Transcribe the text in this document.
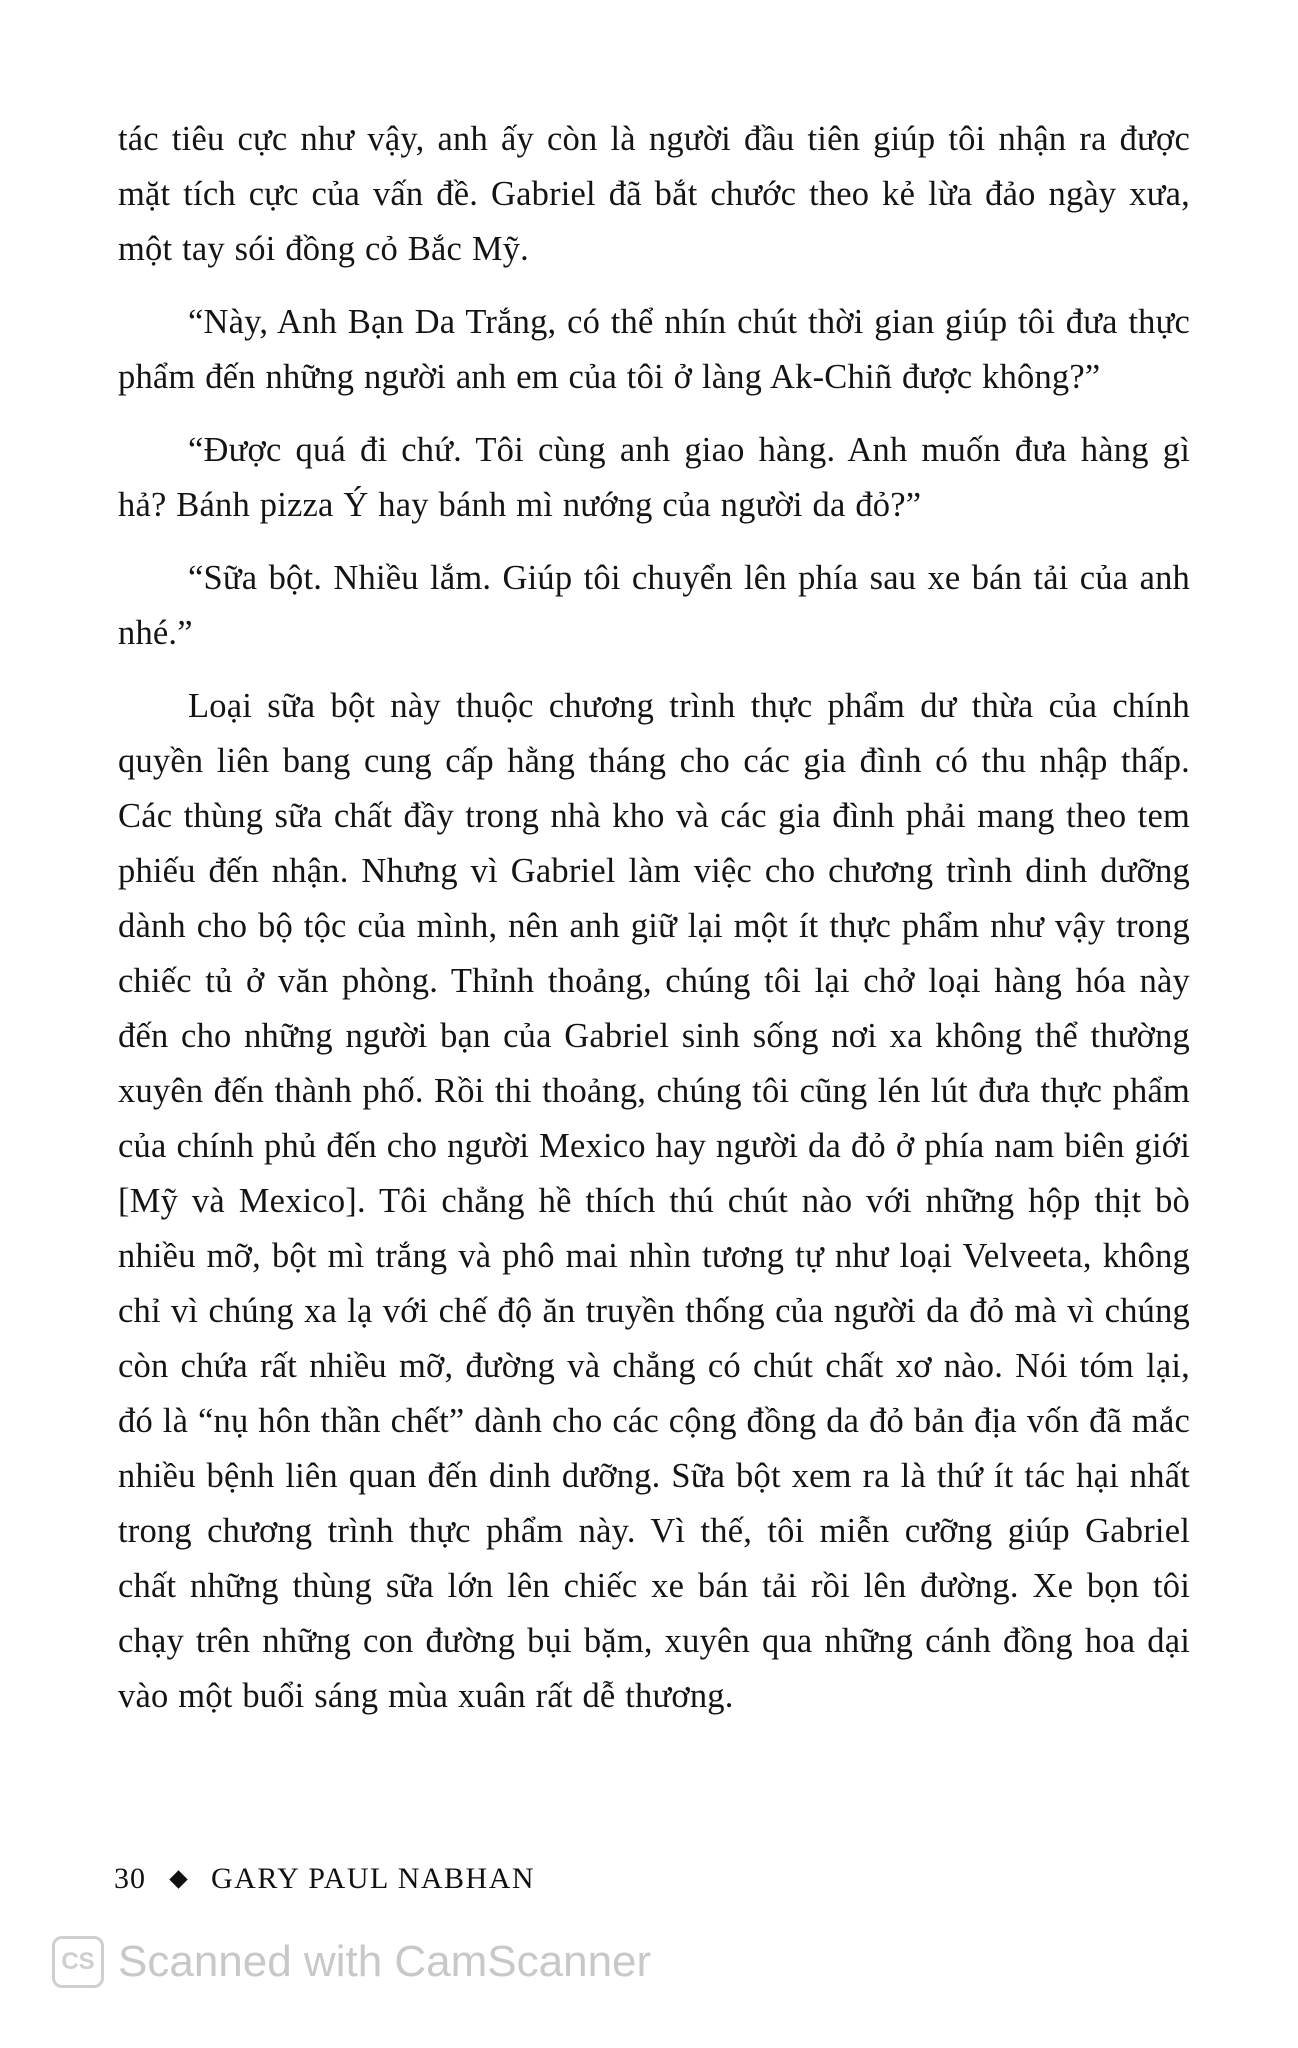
tác tiêu cực như vậy, anh ấy còn là người đầu tiên giúp tôi nhận ra được mặt tích cực của vấn đề. Gabriel đã bắt chước theo kẻ lừa đảo ngày xưa, một tay sói đồng cỏ Bắc Mỹ.

“Này, Anh Bạn Da Trắng, có thể nhín chút thời gian giúp tôi đưa thực phẩm đến những người anh em của tôi ở làng Ak-Chiñ được không?”

“Được quá đi chứ. Tôi cùng anh giao hàng. Anh muốn đưa hàng gì hả? Bánh pizza Ý hay bánh mì nướng của người da đỏ?”

“Sữa bột. Nhiều lắm. Giúp tôi chuyển lên phía sau xe bán tải của anh nhé.”

Loại sữa bột này thuộc chương trình thực phẩm dư thừa của chính quyền liên bang cung cấp hằng tháng cho các gia đình có thu nhập thấp. Các thùng sữa chất đầy trong nhà kho và các gia đình phải mang theo tem phiếu đến nhận. Nhưng vì Gabriel làm việc cho chương trình dinh dưỡng dành cho bộ tộc của mình, nên anh giữ lại một ít thực phẩm như vậy trong chiếc tủ ở văn phòng. Thỉnh thoảng, chúng tôi lại chở loại hàng hóa này đến cho những người bạn của Gabriel sinh sống nơi xa không thể thường xuyên đến thành phố. Rồi thi thoảng, chúng tôi cũng lén lút đưa thực phẩm của chính phủ đến cho người Mexico hay người da đỏ ở phía nam biên giới [Mỹ và Mexico]. Tôi chẳng hề thích thú chút nào với những hộp thịt bò nhiều mỡ, bột mì trắng và phô mai nhìn tương tự như loại Velveeta, không chỉ vì chúng xa lạ với chế độ ăn truyền thống của người da đỏ mà vì chúng còn chứa rất nhiều mỡ, đường và chẳng có chút chất xơ nào. Nói tóm lại, đó là “nụ hôn thần chết” dành cho các cộng đồng da đỏ bản địa vốn đã mắc nhiều bệnh liên quan đến dinh dưỡng. Sữa bột xem ra là thứ ít tác hại nhất trong chương trình thực phẩm này. Vì thế, tôi miễn cưỡng giúp Gabriel chất những thùng sữa lớn lên chiếc xe bán tải rồi lên đường. Xe bọn tôi chạy trên những con đường bụi bặm, xuyên qua những cánh đồng hoa dại vào một buổi sáng mùa xuân rất dễ thương.

30 GARY PAUL NABHAN
CS Scanned with CamScanner
